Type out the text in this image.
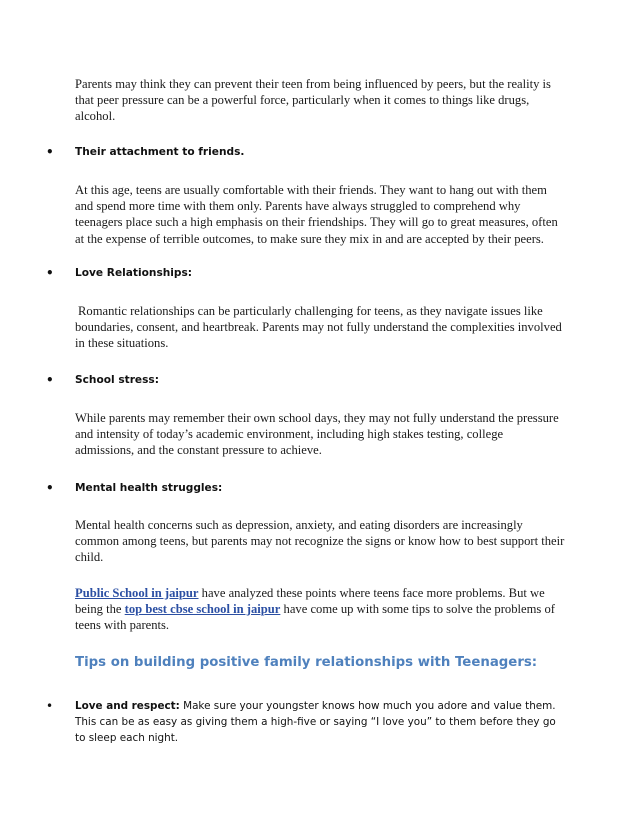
Parents may think they can prevent their teen from being influenced by peers, but the reality is that peer pressure can be a powerful force, particularly when it comes to things like drugs, alcohol.

•	Their attachment to friends.

At this age, teens are usually comfortable with their friends. They want to hang out with them and spend more time with them only. Parents have always struggled to comprehend why teenagers place such a high emphasis on their friendships. They will go to great measures, often at the expense of terrible outcomes, to make sure they mix in and are accepted by their peers.

•	Love Relationships:

Romantic relationships can be particularly challenging for teens, as they navigate issues like boundaries, consent, and heartbreak. Parents may not fully understand the complexities involved in these situations.

•	School stress:

While parents may remember their own school days, they may not fully understand the pressure and intensity of today’s academic environment, including high stakes testing, college admissions, and the constant pressure to achieve.

•	Mental health struggles:

Mental health concerns such as depression, anxiety, and eating disorders are increasingly common among teens, but parents may not recognize the signs or know how to best support their child.

Public School in jaipur have analyzed these points where teens face more problems. But we being the top best cbse school in jaipur have come up with some tips to solve the problems of teens with parents.

Tips on building positive family relationships with Teenagers:
•	Love and respect: Make sure your youngster knows how much you adore and value them. This can be as easy as giving them a high-five or saying “I love you” to them before they go to sleep each night.
